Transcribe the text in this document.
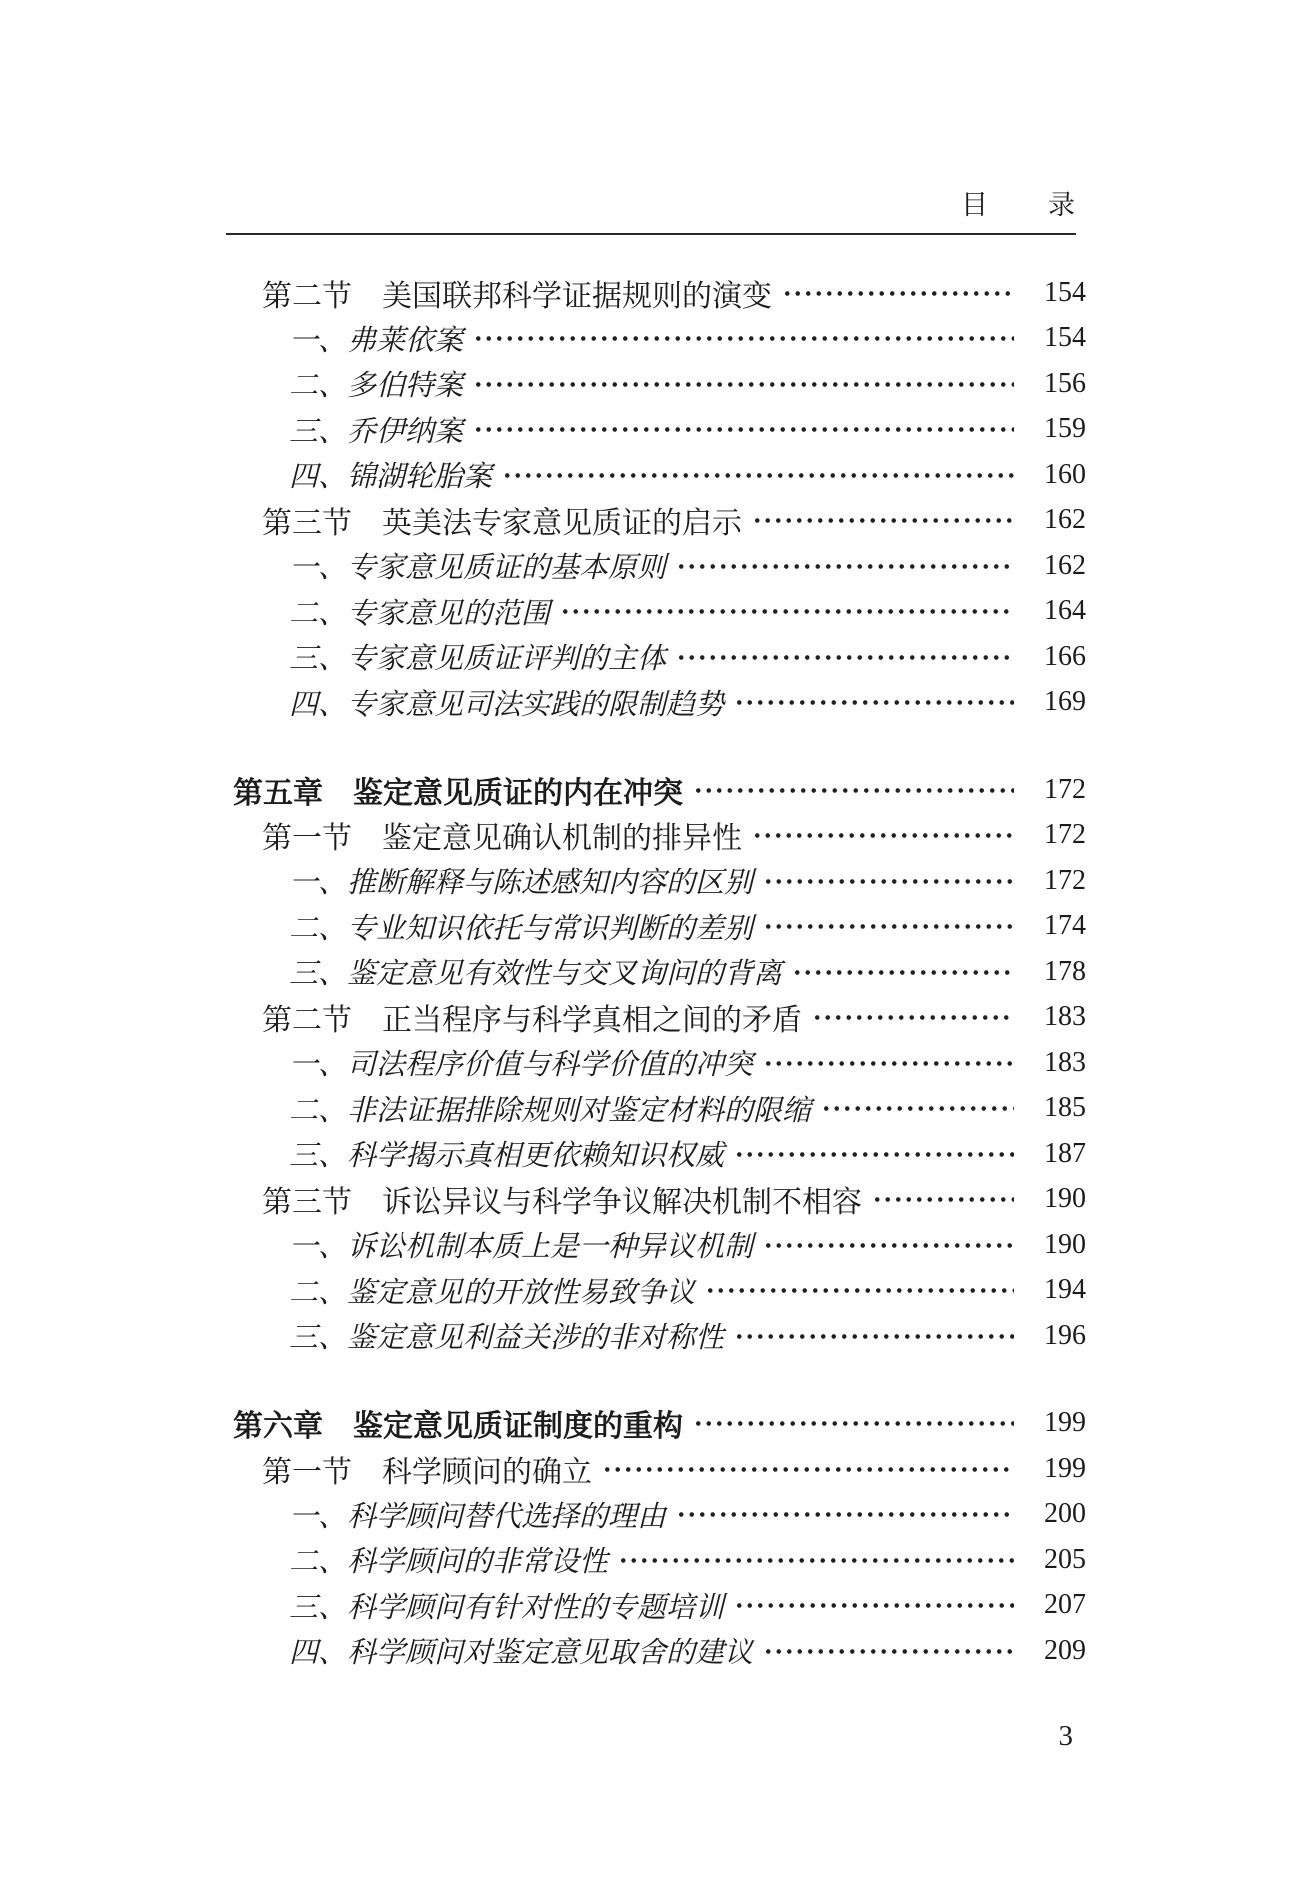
目　　录
第二节　美国联邦科学证据规则的演变	154
一、弗莱依案	154
二、多伯特案	156
三、乔伊纳案	159
四、锦湖轮胎案	160
第三节　英美法专家意见质证的启示	162
一、专家意见质证的基本原则	162
二、专家意见的范围	164
三、专家意见质证评判的主体	166
四、专家意见司法实践的限制趋势	169
第五章　鉴定意见质证的内在冲突	172
第一节　鉴定意见确认机制的排异性	172
一、推断解释与陈述感知内容的区别	172
二、专业知识依托与常识判断的差别	174
三、鉴定意见有效性与交叉询问的背离	178
第二节　正当程序与科学真相之间的矛盾	183
一、司法程序价值与科学价值的冲突	183
二、非法证据排除规则对鉴定材料的限缩	185
三、科学揭示真相更依赖知识权威	187
第三节　诉讼异议与科学争议解决机制不相容	190
一、诉讼机制本质上是一种异议机制	190
二、鉴定意见的开放性易致争议	194
三、鉴定意见利益关涉的非对称性	196
第六章　鉴定意见质证制度的重构	199
第一节　科学顾问的确立	199
一、科学顾问替代选择的理由	200
二、科学顾问的非常设性	205
三、科学顾问有针对性的专题培训	207
四、科学顾问对鉴定意见取舍的建议	209
3
